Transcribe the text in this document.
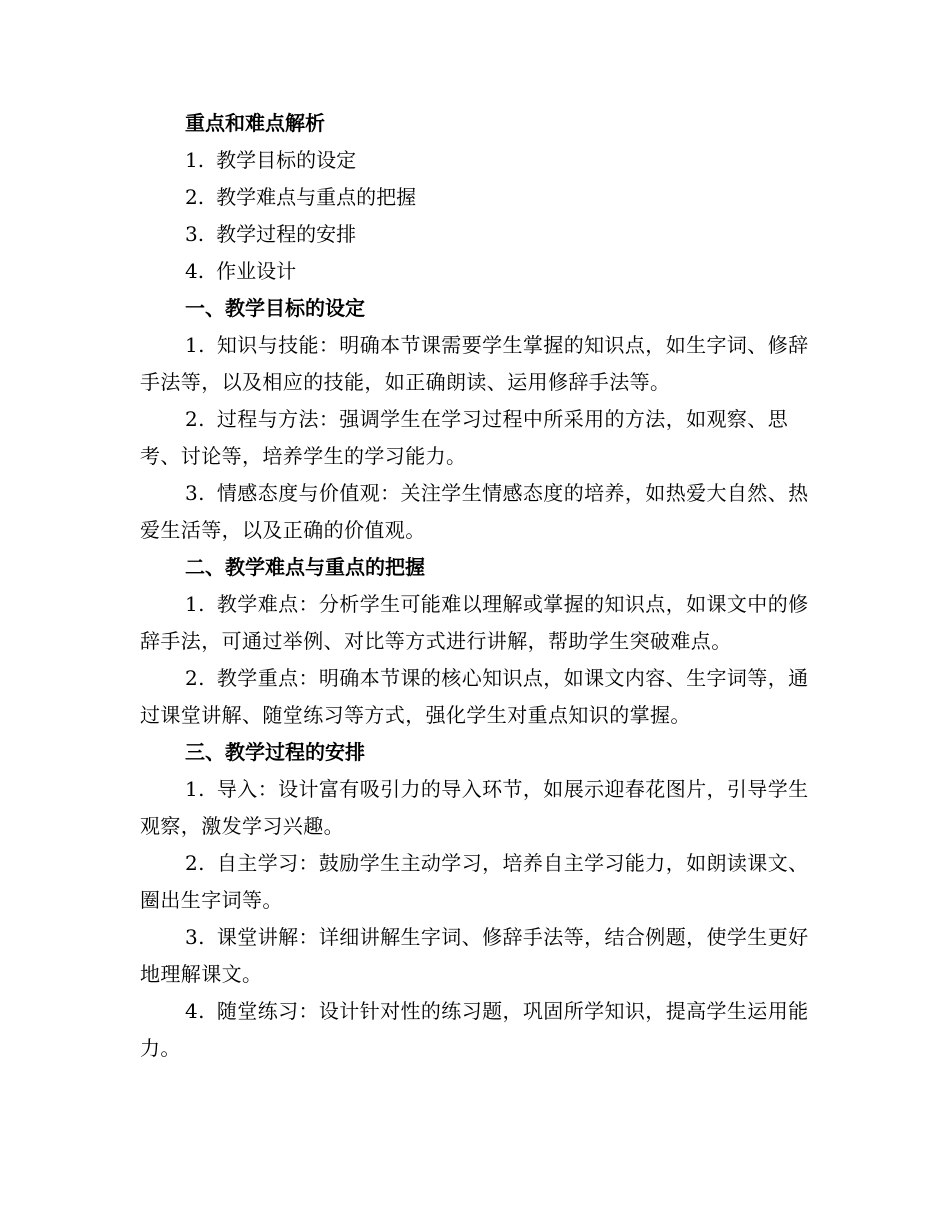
重点和难点解析
1. 教学目标的设定
2. 教学难点与重点的把握
3. 教学过程的安排
4. 作业设计
一、教学目标的设定

1. 知识与技能：明确本节课需要学生掌握的知识点，如生字词、修辞手法等，以及相应的技能，如正确朗读、运用修辞手法等。

2. 过程与方法：强调学生在学习过程中所采用的方法，如观察、思考、讨论等，培养学生的学习能力。

3. 情感态度与价值观：关注学生情感态度的培养，如热爱大自然、热爱生活等，以及正确的价值观。

二、教学难点与重点的把握

1. 教学难点：分析学生可能难以理解或掌握的知识点，如课文中的修辞手法，可通过举例、对比等方式进行讲解，帮助学生突破难点。

2. 教学重点：明确本节课的核心知识点，如课文内容、生字词等，通过课堂讲解、随堂练习等方式，强化学生对重点知识的掌握。

三、教学过程的安排

1. 导入：设计富有吸引力的导入环节，如展示迎春花图片，引导学生观察，激发学习兴趣。

2. 自主学习：鼓励学生主动学习，培养自主学习能力，如朗读课文、圈出生字词等。

3. 课堂讲解：详细讲解生字词、修辞手法等，结合例题，使学生更好地理解课文。

4. 随堂练习：设计针对性的练习题，巩固所学知识，提高学生运用能力。
